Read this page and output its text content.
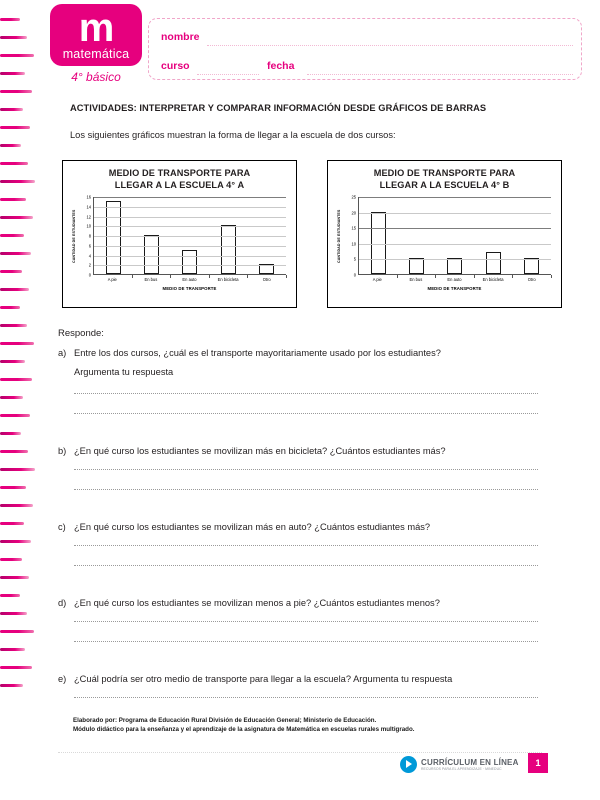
m
matemática
4° básico
nombre
curso	fecha
ACTIVIDADES: INTERPRETAR Y COMPARAR INFORMACIÓN DESDE GRÁFICOS DE BARRAS
Los siguientes gráficos muestran la forma de llegar a la escuela de dos cursos:
MEDIO DE TRANSPORTE PARA
LLEGAR A LA ESCUELA 4° A
CANTIDAD DE ESTUDIANTES
0
2
4
6
8
10
12
14
16
A pie	En bus	En auto	En bicicleta	Otro
MEDIO DE TRANSPORTE
MEDIO DE TRANSPORTE PARA
LLEGAR A LA ESCUELA 4° B
CANTIDAD DE ESTUDIANTES
0
5
10
15
20
25
A pie	En bus	En auto	En bicicleta	Otro
MEDIO DE TRANSPORTE
Responde:
a) Entre los dos cursos, ¿cuál es el transporte mayoritariamente usado por los estudiantes?
Argumenta tu respuesta
b) ¿En qué curso los estudiantes se movilizan más en bicicleta? ¿Cuántos estudiantes más?
c) ¿En qué curso los estudiantes se movilizan más en auto? ¿Cuántos estudiantes más?
d) ¿En qué curso los estudiantes se movilizan menos a pie? ¿Cuántos estudiantes menos?
e) ¿Cuál podría ser otro medio de transporte para llegar a la escuela? Argumenta tu respuesta
Elaborado por: Programa de Educación Rural División de Educación General; Ministerio de Educación.
Módulo didáctico para la enseñanza y el aprendizaje de la asignatura de Matemática en escuelas rurales multigrado.
CURRÍCULUM EN LÍNEA
RECURSOS PARA EL APRENDIZAJE · MINEDUC
1
